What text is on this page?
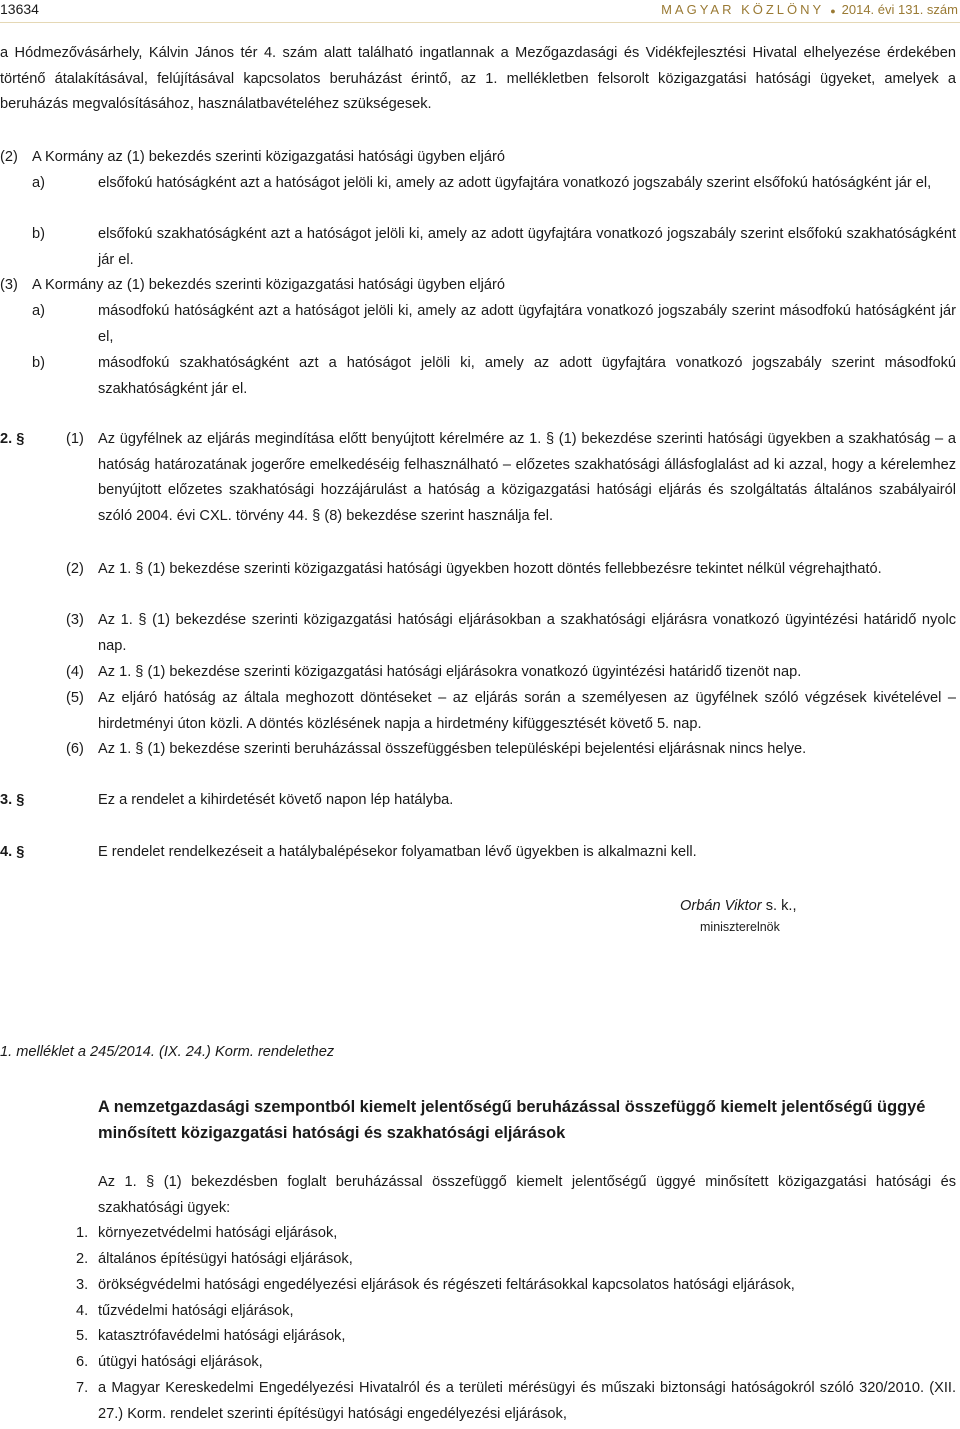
13634	MAGYAR KÖZLÖNY ● 2014. évi 131. szám
a Hódmezővásárhely, Kálvin János tér 4. szám alatt található ingatlannak a Mezőgazdasági és Vidékfejlesztési Hivatal elhelyezése érdekében történő átalakításával, felújításával kapcsolatos beruházást érintő, az 1. mellékletben felsorolt közigazgatási hatósági ügyeket, amelyek a beruházás megvalósításához, használatbavételéhez szükségesek.
(2) A Kormány az (1) bekezdés szerinti közigazgatási hatósági ügyben eljáró
a)	elsőfokú hatóságként azt a hatóságot jelöli ki, amely az adott ügyfajtára vonatkozó jogszabály szerint elsőfokú hatóságként jár el,
b)	elsőfokú szakhatóságként azt a hatóságot jelöli ki, amely az adott ügyfajtára vonatkozó jogszabály szerint elsőfokú szakhatóságként jár el.
(3) A Kormány az (1) bekezdés szerinti közigazgatási hatósági ügyben eljáró
a)	másodfokú hatóságként azt a hatóságot jelöli ki, amely az adott ügyfajtára vonatkozó jogszabály szerint másodfokú hatóságként jár el,
b)	másodfokú szakhatóságként azt a hatóságot jelöli ki, amely az adott ügyfajtára vonatkozó jogszabály szerint másodfokú szakhatóságként jár el.
2. §	(1) Az ügyfélnek az eljárás megindítása előtt benyújtott kérelmére az 1. § (1) bekezdése szerinti hatósági ügyekben a szakhatóság – a hatóság határozatának jogerőre emelkedéséig felhasználható – előzetes szakhatósági állásfoglalást ad ki azzal, hogy a kérelemhez benyújtott előzetes szakhatósági hozzájárulást a hatóság a közigazgatási hatósági eljárás és szolgáltatás általános szabályairól szóló 2004. évi CXL. törvény 44. § (8) bekezdése szerint használja fel.
(2) Az 1. § (1) bekezdése szerinti közigazgatási hatósági ügyekben hozott döntés fellebbezésre tekintet nélkül végrehajtható.
(3) Az 1. § (1) bekezdése szerinti közigazgatási hatósági eljárásokban a szakhatósági eljárásra vonatkozó ügyintézési határidő nyolc nap.
(4) Az 1. § (1) bekezdése szerinti közigazgatási hatósági eljárásokra vonatkozó ügyintézési határidő tizenöt nap.
(5) Az eljáró hatóság az általa meghozott döntéseket – az eljárás során a személyesen az ügyfélnek szóló végzések kivételével – hirdetményi úton közli. A döntés közlésének napja a hirdetmény kifüggesztését követő 5. nap.
(6) Az 1. § (1) bekezdése szerinti beruházással összefüggésben településképi bejelentési eljárásnak nincs helye.
3. §	Ez a rendelet a kihirdetését követő napon lép hatályba.
4. §	E rendelet rendelkezéseit a hatálybalépésekor folyamatban lévő ügyekben is alkalmazni kell.
Orbán Viktor s. k.,
miniszterelnök
1. melléklet a 245/2014. (IX. 24.) Korm. rendelethez
A nemzetgazdasági szempontból kiemelt jelentőségű beruházással összefüggő kiemelt jelentőségű üggyé minősített közigazgatási hatósági és szakhatósági eljárások
Az 1. § (1) bekezdésben foglalt beruházással összefüggő kiemelt jelentőségű üggyé minősített közigazgatási hatósági és szakhatósági ügyek:
1. környezetvédelmi hatósági eljárások,
2. általános építésügyi hatósági eljárások,
3. örökségvédelmi hatósági engedélyezési eljárások és régészeti feltárásokkal kapcsolatos hatósági eljárások,
4. tűzvédelmi hatósági eljárások,
5. katasztrófavédelmi hatósági eljárások,
6. útügyi hatósági eljárások,
7. a Magyar Kereskedelmi Engedélyezési Hivatalról és a területi mérésügyi és műszaki biztonsági hatóságokról szóló 320/2010. (XII. 27.) Korm. rendelet szerinti építésügyi hatósági engedélyezési eljárások,
